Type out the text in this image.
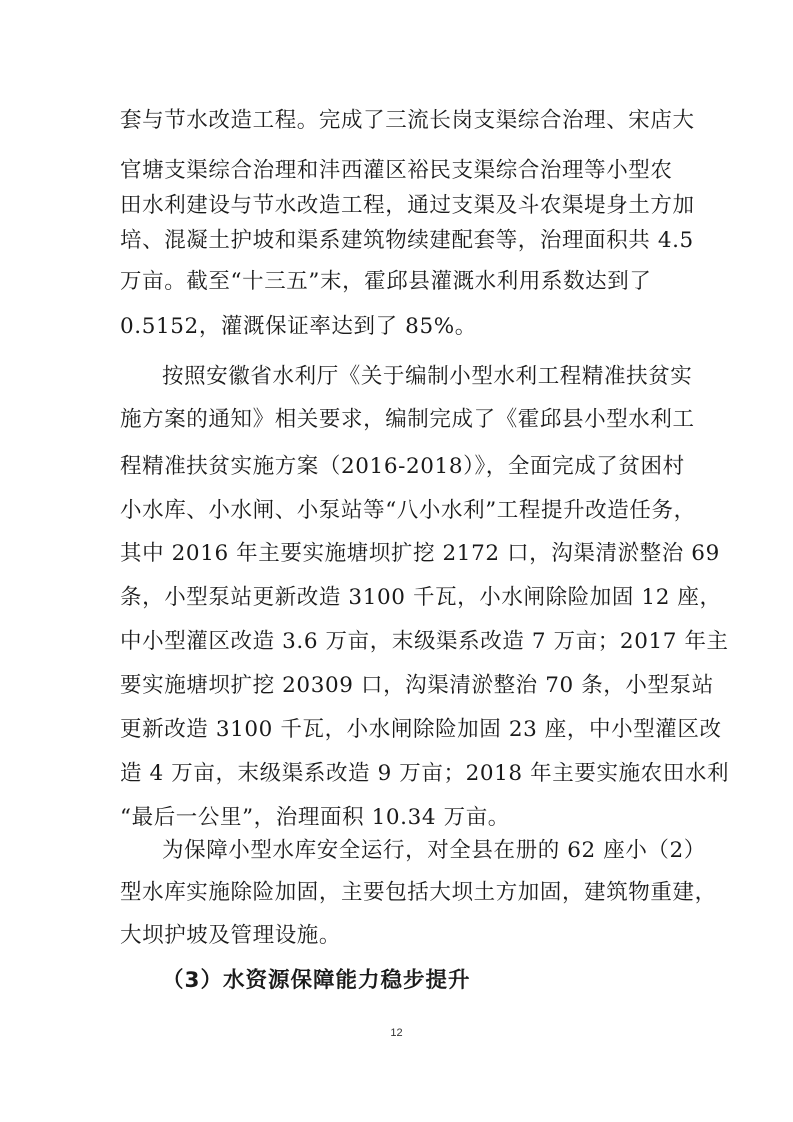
套与节水改造工程。完成了三流长岗支渠综合治理、宋店大
官塘支渠综合治理和沣西灌区裕民支渠综合治理等小型农
田水利建设与节水改造工程，通过支渠及斗农渠堤身土方加
培、混凝土护坡和渠系建筑物续建配套等，治理面积共 4.5
万亩。截至“十三五”末，霍邱县灌溉水利用系数达到了
0.5152，灌溉保证率达到了 85%。
按照安徽省水利厅《关于编制小型水利工程精准扶贫实
施方案的通知》相关要求，编制完成了《霍邱县小型水利工
程精准扶贫实施方案（2016-2018）》，全面完成了贫困村
小水库、小水闸、小泵站等“八小水利”工程提升改造任务，
其中 2016 年主要实施塘坝扩挖 2172 口，沟渠清淤整治 69
条，小型泵站更新改造 3100 千瓦，小水闸除险加固 12 座，
中小型灌区改造 3.6 万亩，末级渠系改造 7 万亩；2017 年主
要实施塘坝扩挖 20309 口，沟渠清淤整治 70 条，小型泵站
更新改造 3100 千瓦，小水闸除险加固 23 座，中小型灌区改
造 4 万亩，末级渠系改造 9 万亩；2018 年主要实施农田水利
“最后一公里”，治理面积 10.34 万亩。
为保障小型水库安全运行，对全县在册的 62 座小（2）
型水库实施除险加固，主要包括大坝土方加固，建筑物重建，
大坝护坡及管理设施。
（3）水资源保障能力稳步提升
12
